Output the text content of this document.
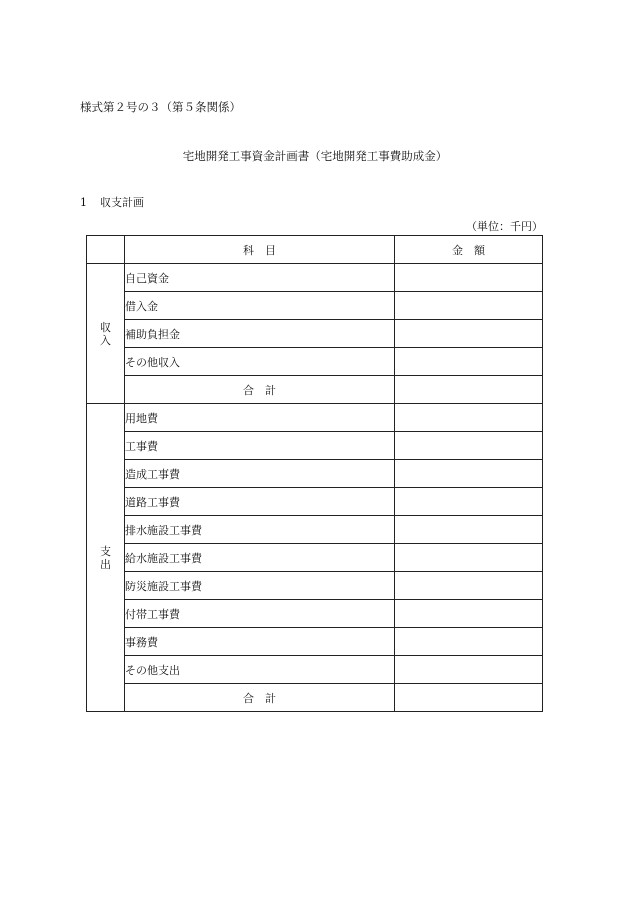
様式第２号の３（第５条関係）
宅地開発工事資金計画書（宅地開発工事費助成金）
1 収支計画
（単位：千円）
	科　目	金　額

収
入	自己資金	
	借入金	
	補助負担金	
	その他収入	
	合　計	

支
出	用地費	
	工事費	
	造成工事費	
	道路工事費	
	排水施設工事費	
	給水施設工事費	
	防災施設工事費	
	付帯工事費	
	事務費	
	その他支出	
	合　計	
